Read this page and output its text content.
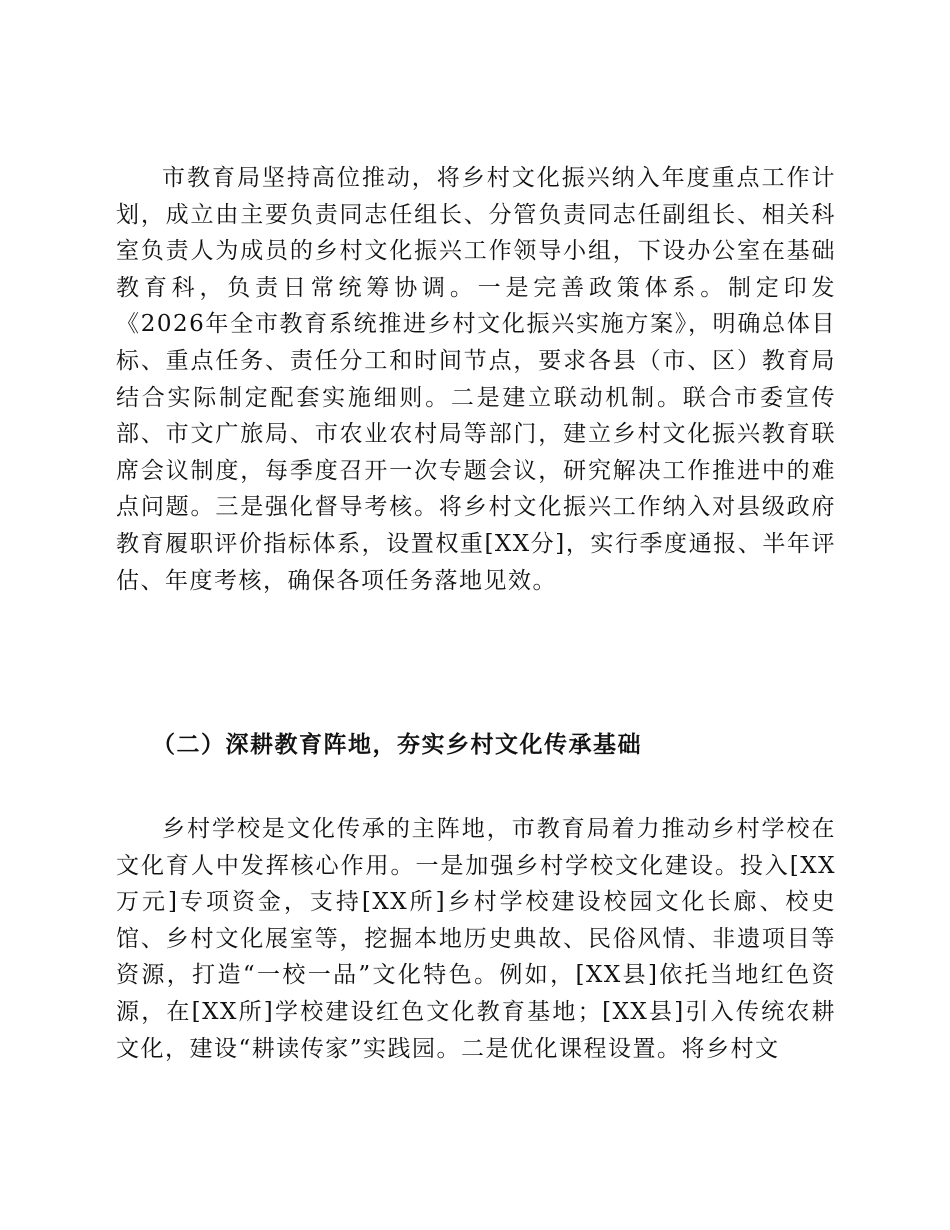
市教育局坚持高位推动，将乡村文化振兴纳入年度重点工作计划，成立由主要负责同志任组长、分管负责同志任副组长、相关科室负责人为成员的乡村文化振兴工作领导小组，下设办公室在基础教育科，负责日常统筹协调。一是完善政策体系。制定印发《2026年全市教育系统推进乡村文化振兴实施方案》，明确总体目标、重点任务、责任分工和时间节点，要求各县（市、区）教育局结合实际制定配套实施细则。二是建立联动机制。联合市委宣传部、市文广旅局、市农业农村局等部门，建立乡村文化振兴教育联席会议制度，每季度召开一次专题会议，研究解决工作推进中的难点问题。三是强化督导考核。将乡村文化振兴工作纳入对县级政府教育履职评价指标体系，设置权重[XX分]，实行季度通报、半年评估、年度考核，确保各项任务落地见效。

（二）深耕教育阵地，夯实乡村文化传承基础

乡村学校是文化传承的主阵地，市教育局着力推动乡村学校在文化育人中发挥核心作用。一是加强乡村学校文化建设。投入[XX万元]专项资金，支持[XX所]乡村学校建设校园文化长廊、校史馆、乡村文化展室等，挖掘本地历史典故、民俗风情、非遗项目等资源，打造“一校一品”文化特色。例如，[XX县]依托当地红色资源，在[XX所]学校建设红色文化教育基地；[XX县]引入传统农耕文化，建设“耕读传家”实践园。二是优化课程设置。将乡村文
